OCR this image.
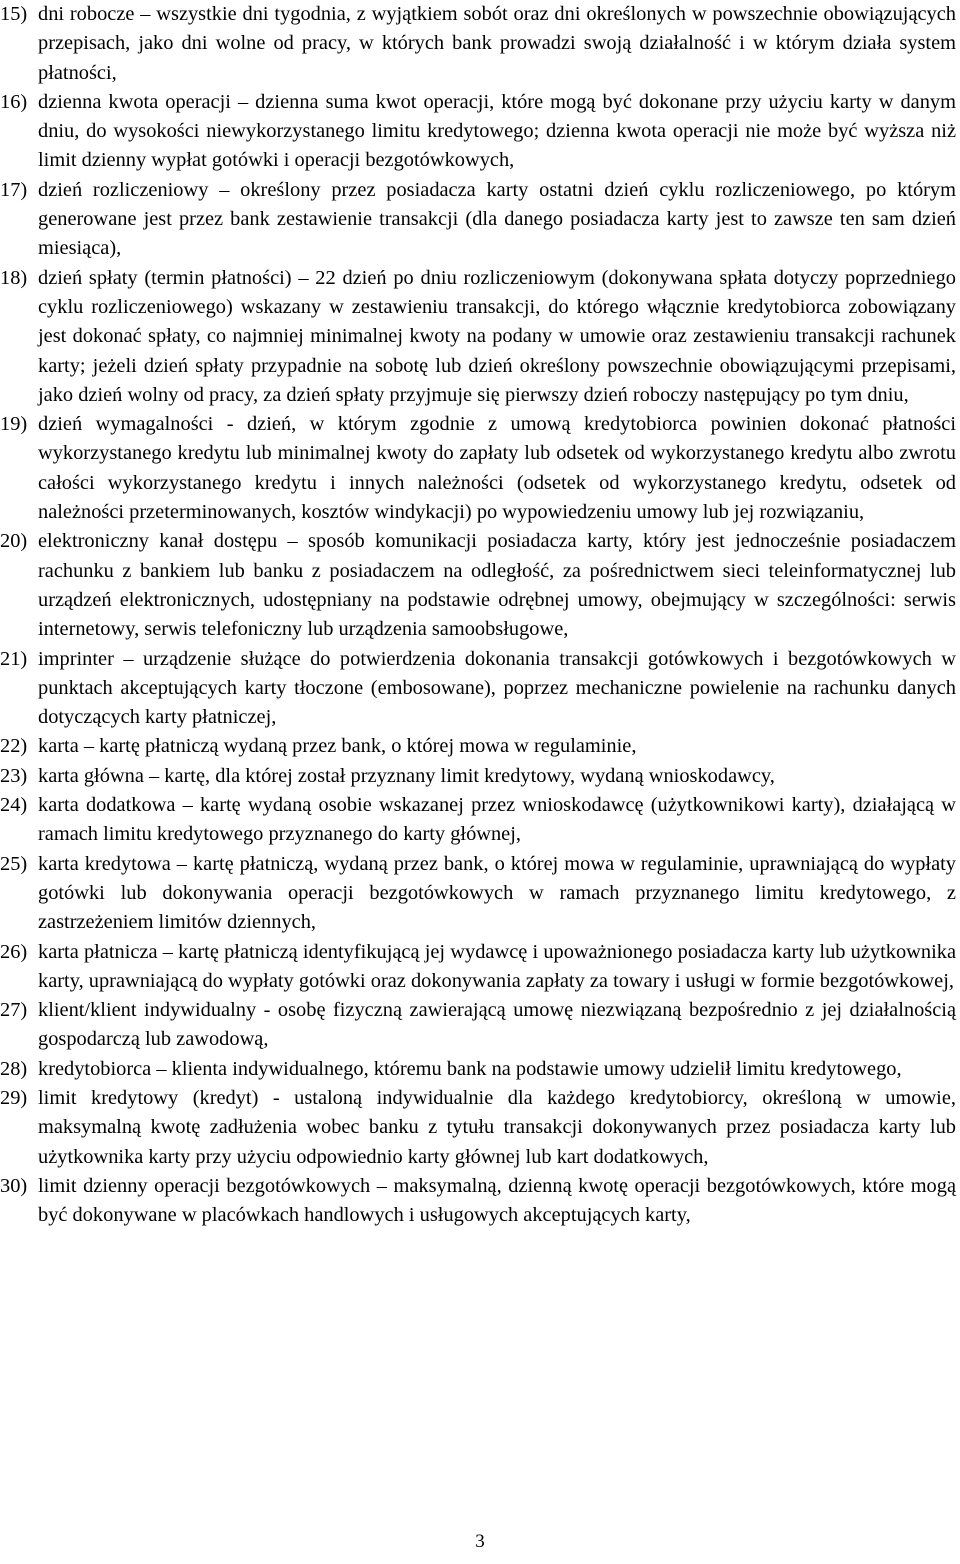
15) dni robocze – wszystkie dni tygodnia, z wyjątkiem sobót oraz dni określonych w powszechnie obowiązujących przepisach, jako dni wolne od pracy, w których bank prowadzi swoją działalność i w którym działa system płatności,
16) dzienna kwota operacji – dzienna suma kwot operacji, które mogą być dokonane przy użyciu karty w danym dniu, do wysokości niewykorzystanego limitu kredytowego; dzienna kwota operacji nie może być wyższa niż limit dzienny wypłat gotówki i operacji bezgotówkowych,
17) dzień rozliczeniowy – określony przez posiadacza karty ostatni dzień cyklu rozliczeniowego, po którym generowane jest przez bank zestawienie transakcji (dla danego posiadacza karty jest to zawsze ten sam dzień miesiąca),
18) dzień spłaty (termin płatności) – 22 dzień po dniu rozliczeniowym (dokonywana spłata dotyczy poprzedniego cyklu rozliczeniowego) wskazany w zestawieniu transakcji, do którego włącznie kredytobiorca zobowiązany jest dokonać spłaty, co najmniej minimalnej kwoty na podany w umowie oraz zestawieniu transakcji rachunek karty; jeżeli dzień spłaty przypadnie na sobotę lub dzień określony powszechnie obowiązującymi przepisami, jako dzień wolny od pracy, za dzień spłaty przyjmuje się pierwszy dzień roboczy następujący po tym dniu,
19) dzień wymagalności - dzień, w którym zgodnie z umową kredytobiorca powinien dokonać płatności wykorzystanego kredytu lub minimalnej kwoty do zapłaty lub odsetek od wykorzystanego kredytu albo zwrotu całości wykorzystanego kredytu i innych należności (odsetek od wykorzystanego kredytu, odsetek od należności przeterminowanych, kosztów windykacji) po wypowiedzeniu umowy lub jej rozwiązaniu,
20) elektroniczny kanał dostępu – sposób komunikacji posiadacza karty, który jest jednocześnie posiadaczem rachunku z bankiem lub banku z posiadaczem na odległość, za pośrednictwem sieci teleinformatycznej lub urządzeń elektronicznych, udostępniany na podstawie odrębnej umowy, obejmujący w szczególności: serwis internetowy, serwis telefoniczny lub urządzenia samoobsługowe,
21) imprinter – urządzenie służące do potwierdzenia dokonania transakcji gotówkowych i bezgotówkowych w punktach akceptujących karty tłoczone (embosowane), poprzez mechaniczne powielenie na rachunku danych dotyczących karty płatniczej,
22) karta – kartę płatniczą wydaną przez bank, o której mowa w regulaminie,
23) karta główna – kartę, dla której został przyznany limit kredytowy, wydaną wnioskodawcy,
24) karta dodatkowa – kartę wydaną osobie wskazanej przez wnioskodawcę (użytkownikowi karty), działającą w ramach limitu kredytowego przyznanego do karty głównej,
25) karta kredytowa – kartę płatniczą, wydaną przez bank, o której mowa w regulaminie, uprawniającą do wypłaty gotówki lub dokonywania operacji bezgotówkowych w ramach przyznanego limitu kredytowego, z zastrzeżeniem limitów dziennych,
26) karta płatnicza – kartę płatniczą identyfikującą jej wydawcę i upoważnionego posiadacza karty lub użytkownika karty, uprawniającą do wypłaty gotówki oraz dokonywania zapłaty za towary i usługi w formie bezgotówkowej,
27) klient/klient indywidualny - osobę fizyczną zawierającą umowę niezwiązaną bezpośrednio z jej działalnością gospodarczą lub zawodową,
28) kredytobiorca – klienta indywidualnego, któremu bank na podstawie umowy udzielił limitu kredytowego,
29) limit kredytowy (kredyt) - ustaloną indywidualnie dla każdego kredytobiorcy, określoną w umowie, maksymalną kwotę zadłużenia wobec banku z tytułu transakcji dokonywanych przez posiadacza karty lub użytkownika karty przy użyciu odpowiednio karty głównej lub kart dodatkowych,
30) limit dzienny operacji bezgotówkowych – maksymalną, dzienną kwotę operacji bezgotówkowych, które mogą być dokonywane w placówkach handlowych i usługowych akceptujących karty,
3
